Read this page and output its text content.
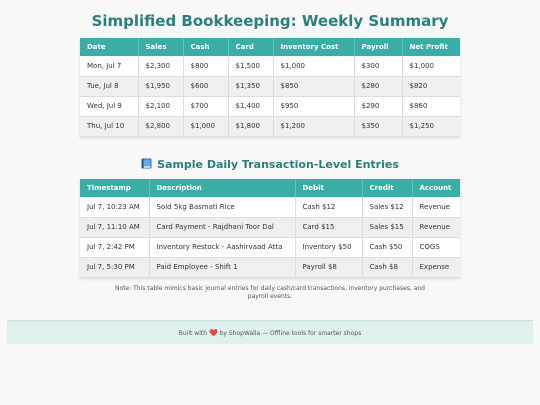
Simplified Bookkeeping: Weekly Summary
Date	Sales	Cash	Card	Inventory Cost	Payroll	Net Profit
Mon, Jul 7	$2,300	$800	$1,500	$1,000	$300	$1,000
Tue, Jul 8	$1,950	$600	$1,350	$850	$280	$820
Wed, Jul 9	$2,100	$700	$1,400	$950	$290	$860
Thu, Jul 10	$2,800	$1,000	$1,800	$1,200	$350	$1,250
Sample Daily Transaction-Level Entries
Timestamp	Description	Debit	Credit	Account
Jul 7, 10:23 AM	Sold 5kg Basmati Rice	Cash $12	Sales $12	Revenue
Jul 7, 11:10 AM	Card Payment - Rajdhani Toor Dal	Card $15	Sales $15	Revenue
Jul 7, 2:42 PM	Inventory Restock - Aashirvaad Atta	Inventory $50	Cash $50	COGS
Jul 7, 5:30 PM	Paid Employee - Shift 1	Payroll $8	Cash $8	Expense
Note: This table mimics basic journal entries for daily cash/card transactions, inventory purchases, and payroll events.
Built with ❤️ by ShopWalla — Offline tools for smarter shops
